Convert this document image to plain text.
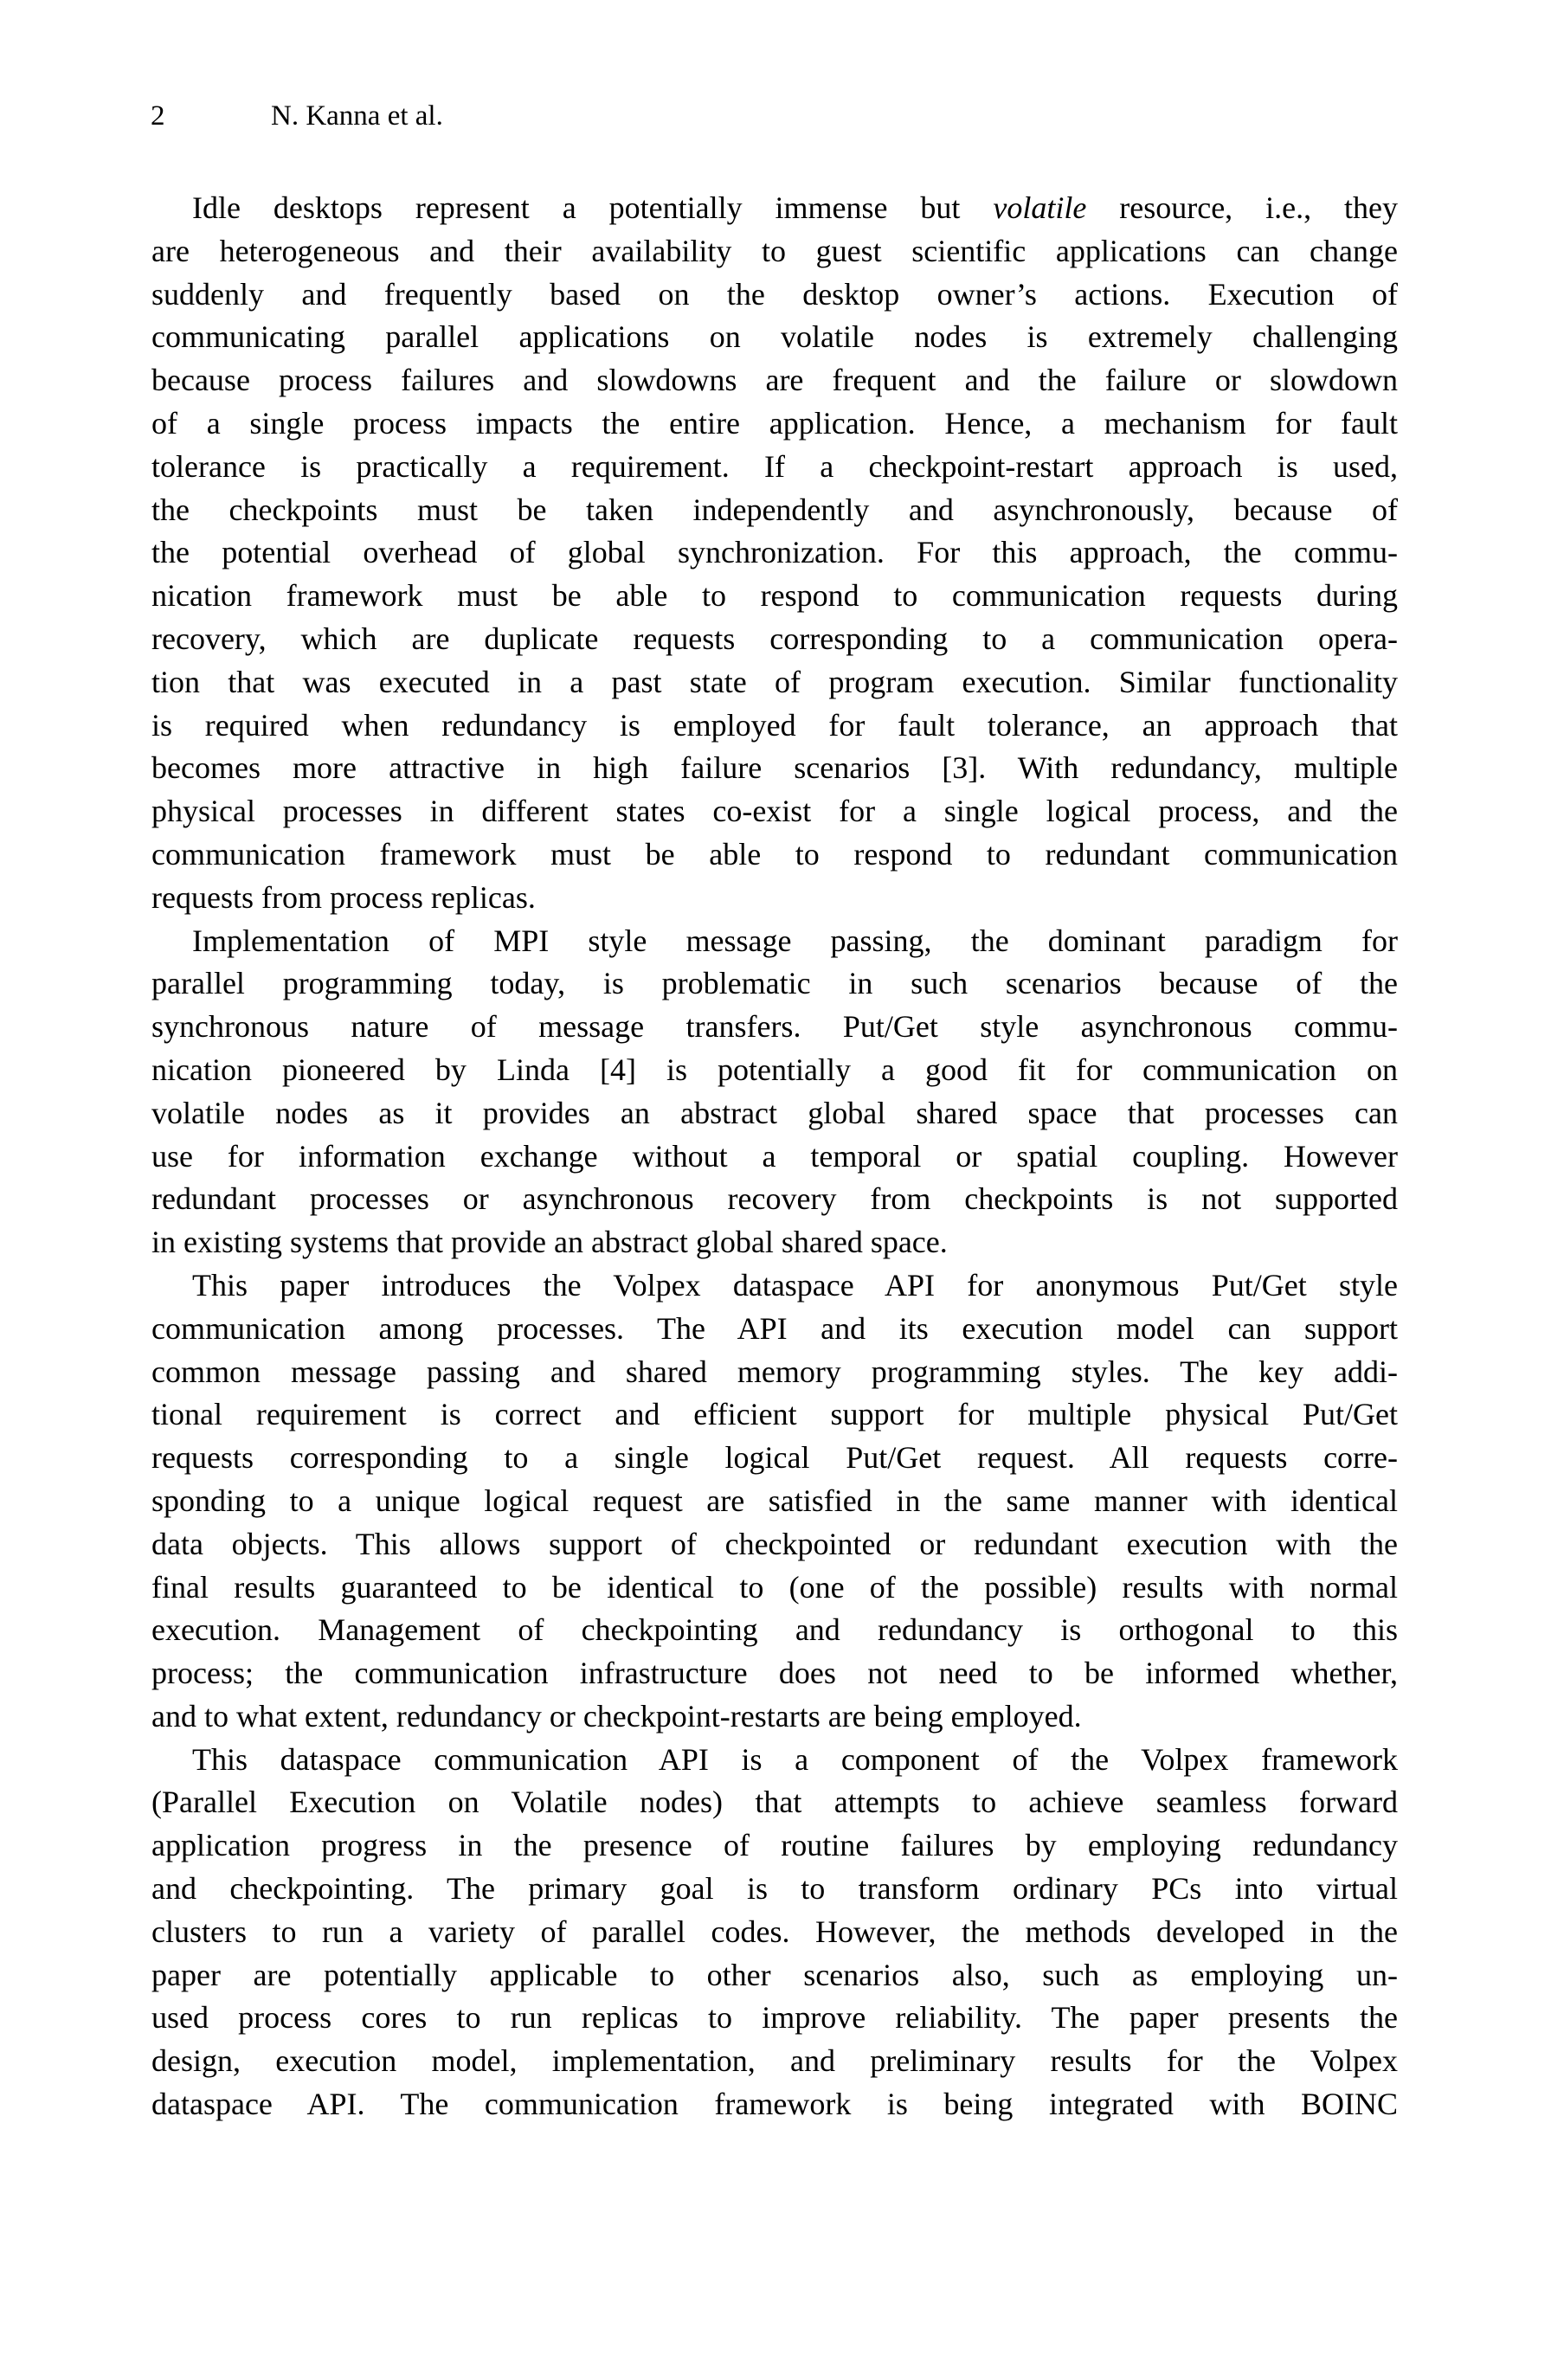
2	N. Kanna et al.
Idle desktops represent a potentially immense but volatile resource, i.e., they
are heterogeneous and their availability to guest scientific applications can change
suddenly and frequently based on the desktop owner’s actions. Execution of
communicating parallel applications on volatile nodes is extremely challenging
because process failures and slowdowns are frequent and the failure or slowdown
of a single process impacts the entire application. Hence, a mechanism for fault
tolerance is practically a requirement. If a checkpoint-restart approach is used,
the checkpoints must be taken independently and asynchronously, because of
the potential overhead of global synchronization. For this approach, the commu-
nication framework must be able to respond to communication requests during
recovery, which are duplicate requests corresponding to a communication opera-
tion that was executed in a past state of program execution. Similar functionality
is required when redundancy is employed for fault tolerance, an approach that
becomes more attractive in high failure scenarios [3]. With redundancy, multiple
physical processes in different states co-exist for a single logical process, and the
communication framework must be able to respond to redundant communication
requests from process replicas.
Implementation of MPI style message passing, the dominant paradigm for
parallel programming today, is problematic in such scenarios because of the
synchronous nature of message transfers. Put/Get style asynchronous commu-
nication pioneered by Linda [4] is potentially a good fit for communication on
volatile nodes as it provides an abstract global shared space that processes can
use for information exchange without a temporal or spatial coupling. However
redundant processes or asynchronous recovery from checkpoints is not supported
in existing systems that provide an abstract global shared space.
This paper introduces the Volpex dataspace API for anonymous Put/Get style
communication among processes. The API and its execution model can support
common message passing and shared memory programming styles. The key addi-
tional requirement is correct and efficient support for multiple physical Put/Get
requests corresponding to a single logical Put/Get request. All requests corre-
sponding to a unique logical request are satisfied in the same manner with identical
data objects. This allows support of checkpointed or redundant execution with the
final results guaranteed to be identical to (one of the possible) results with normal
execution. Management of checkpointing and redundancy is orthogonal to this
process; the communication infrastructure does not need to be informed whether,
and to what extent, redundancy or checkpoint-restarts are being employed.
This dataspace communication API is a component of the Volpex framework
(Parallel Execution on Volatile nodes) that attempts to achieve seamless forward
application progress in the presence of routine failures by employing redundancy
and checkpointing. The primary goal is to transform ordinary PCs into virtual
clusters to run a variety of parallel codes. However, the methods developed in the
paper are potentially applicable to other scenarios also, such as employing un-
used process cores to run replicas to improve reliability. The paper presents the
design, execution model, implementation, and preliminary results for the Volpex
dataspace API. The communication framework is being integrated with BOINC
